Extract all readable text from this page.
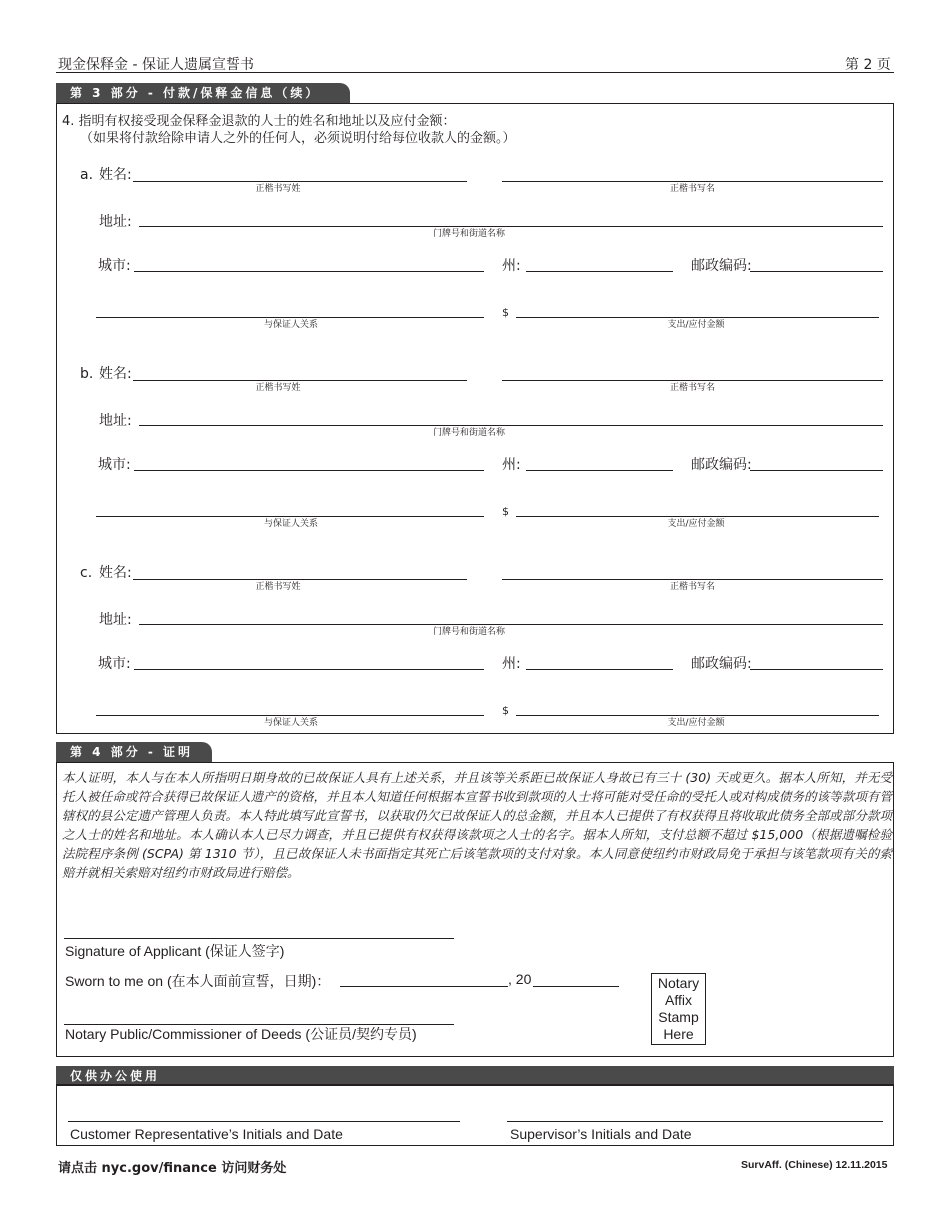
现金保释金 - 保证人遗属宣誓书	第 2 页
第 3 部分 - 付款/保释金信息（续）
4. 指明有权接受现金保释金退款的人士的姓名和地址以及应付金额：
（如果将付款给除申请人之外的任何人，必须说明付给每位收款人的金额。）
a. 姓名:
正楷书写姓	正楷书写名
地址:
门牌号和街道名称
城市:	州:	邮政编码:
与保证人关系
$
支出/应付金额
b. 姓名:
正楷书写姓	正楷书写名
地址:
门牌号和街道名称
城市:	州:	邮政编码:
与保证人关系
$
支出/应付金额
c. 姓名:
正楷书写姓	正楷书写名
地址:
门牌号和街道名称
城市:	州:	邮政编码:
与保证人关系
$
支出/应付金额
第 4 部分 - 证明
本人证明，本人与在本人所指明日期身故的已故保证人具有上述关系，并且该等关系距已故保证人身故已有三十 (30) 天或更久。据本人所知，并无受托人被任命或符合获得已故保证人遗产的资格，并且本人知道任何根据本宣誓书收到款项的人士将可能对受任命的受托人或对构成债务的该等款项有管辖权的县公定遗产管理人负责。本人特此填写此宣誓书，以获取仍欠已故保证人的总金额，并且本人已提供了有权获得且将收取此债务全部或部分款项之人士的姓名和地址。本人确认本人已尽力调查，并且已提供有权获得该款项之人士的名字。据本人所知，支付总额不超过 $15,000（根据遗嘱检验法院程序条例 (SCPA) 第 1310 节），且已故保证人未书面指定其死亡后该笔款项的支付对象。本人同意使纽约市财政局免于承担与该笔款项有关的索赔并就相关索赔对纽约市财政局进行赔偿。
Signature of Applicant (保证人签字)
Sworn to me on (在本人面前宣誓，日期)：	, 20
Notary Public/Commissioner of Deeds (公证员/契约专员)
Notary
Affix
Stamp
Here
仅供办公使用
Customer Representative’s Initials and Date	Supervisor’s Initials and Date
请点击 nyc.gov/finance 访问财务处	SurvAff. (Chinese) 12.11.2015
